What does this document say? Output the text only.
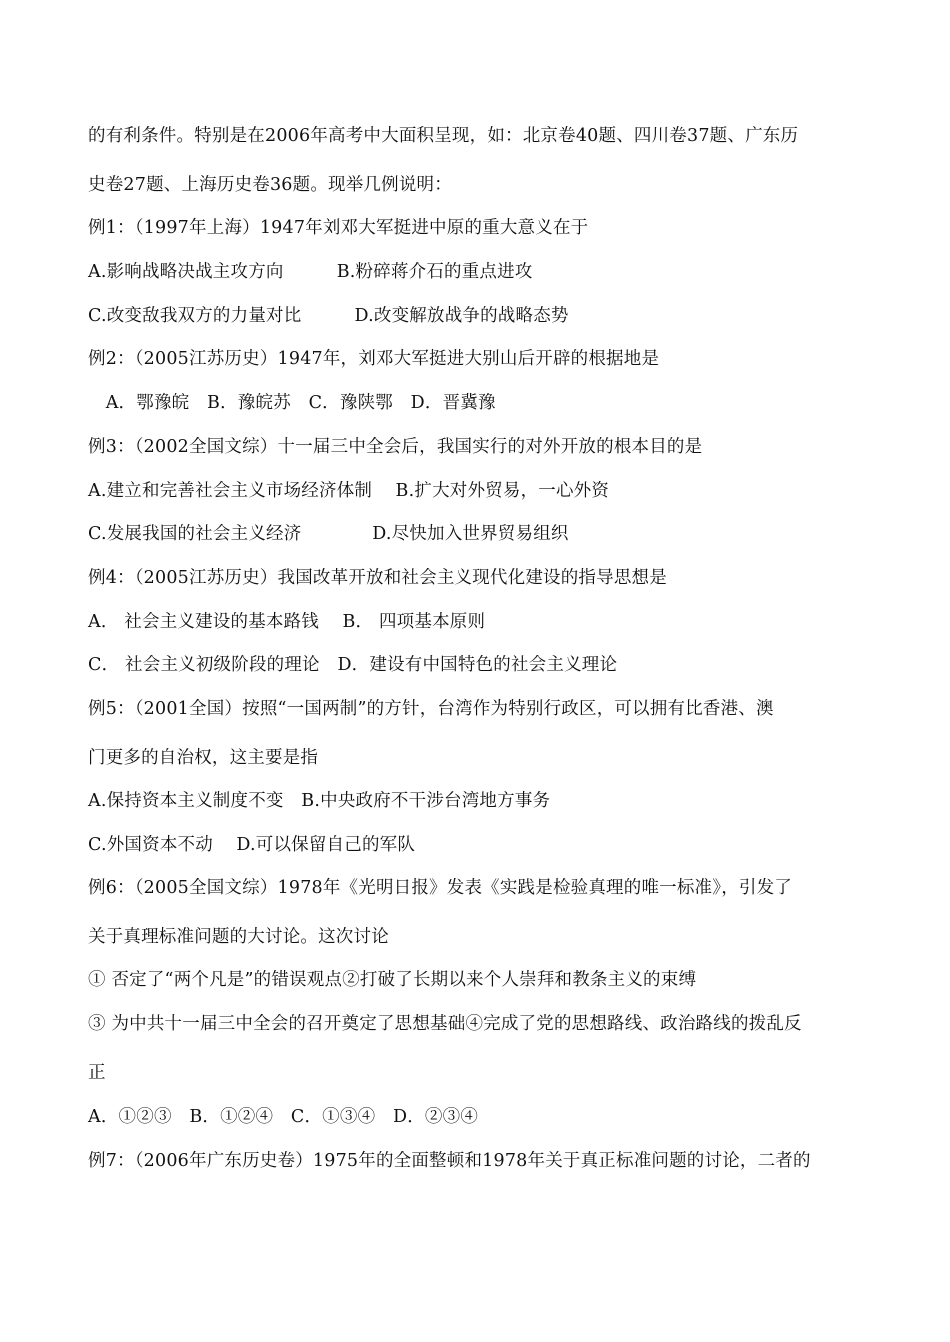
的有利条件。特别是在2006年高考中大面积呈现，如：北京卷40题、四川卷37题、广东历
史卷27题、上海历史卷36题。现举几例说明：
例1：（1997年上海）1947年刘邓大军挺进中原的重大意义在于
A.影响战略决战主攻方向　　　B.粉碎蒋介石的重点进攻
C.改变敌我双方的力量对比　　　D.改变解放战争的战略态势
例2：（2005江苏历史）1947年，刘邓大军挺进大别山后开辟的根据地是
　A．鄂豫皖　B．豫皖苏　C．豫陕鄂　D．晋冀豫
例3：（2002全国文综）十一届三中全会后，我国实行的对外开放的根本目的是
A.建立和完善社会主义市场经济体制　 B.扩大对外贸易，一心外资
C.发展我国的社会主义经济　　　　D.尽快加入世界贸易组织
例4：（2005江苏历史）我国改革开放和社会主义现代化建设的指导思想是
A． 社会主义建设的基本路钱　 B． 四项基本原则
C． 社会主义初级阶段的理论　D．建设有中国特色的社会主义理论
例5：（2001全国）按照“一国两制”的方针，台湾作为特别行政区，可以拥有比香港、澳
门更多的自治权，这主要是指
A.保持资本主义制度不变　B.中央政府不干涉台湾地方事务
C.外国资本不动　 D.可以保留自己的军队
例6：（2005全国文综）1978年《光明日报》发表《实践是检验真理的唯一标准》，引发了
关于真理标准问题的大讨论。这次讨论
① 否定了“两个凡是”的错误观点②打破了长期以来个人崇拜和教条主义的束缚
③ 为中共十一届三中全会的召开奠定了思想基础④完成了党的思想路线、政治路线的拨乱反
正
A．①②③　B．①②④　C．①③④　D．②③④
例7：（2006年广东历史卷）1975年的全面整顿和1978年关于真正标准问题的讨论，二者的
